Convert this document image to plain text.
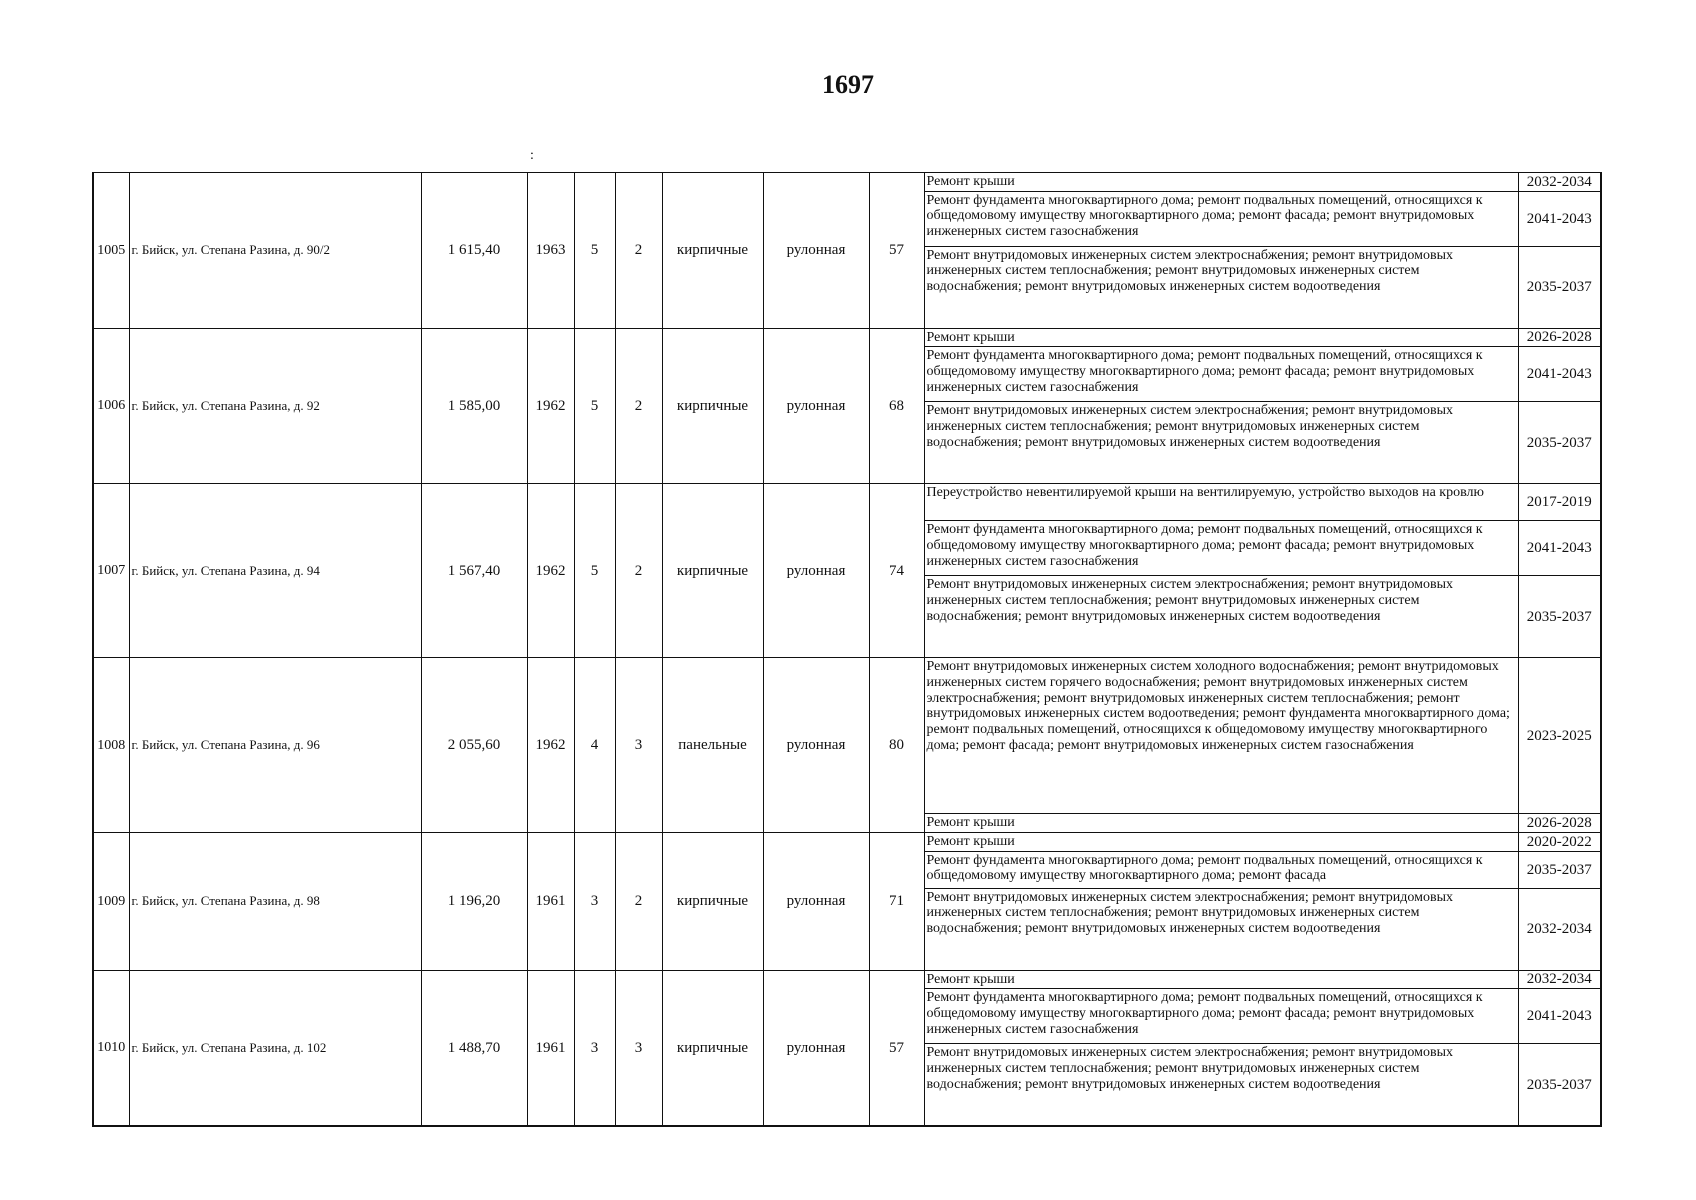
1697
:
1005	г. Бийск, ул. Степана Разина, д. 90/2	1 615,40	1963	5	2	кирпичные	рулонная	57	Ремонт крыши	2032-2034
									Ремонт фундамента многоквартирного дома; ремонт подвальных помещений, относящихся к общедомовому имуществу многоквартирного дома; ремонт фасада; ремонт внутридомовых инженерных систем газоснабжения	2041-2043
									Ремонт внутридомовых инженерных систем электроснабжения; ремонт внутридомовых инженерных систем теплоснабжения; ремонт внутридомовых инженерных систем водоснабжения; ремонт внутридомовых инженерных систем водоотведения	2035-2037
1006	г. Бийск, ул. Степана Разина, д. 92	1 585,00	1962	5	2	кирпичные	рулонная	68	Ремонт крыши	2026-2028
									Ремонт фундамента многоквартирного дома; ремонт подвальных помещений, относящихся к общедомовому имуществу многоквартирного дома; ремонт фасада; ремонт внутридомовых инженерных систем газоснабжения	2041-2043
									Ремонт внутридомовых инженерных систем электроснабжения; ремонт внутридомовых инженерных систем теплоснабжения; ремонт внутридомовых инженерных систем водоснабжения; ремонт внутридомовых инженерных систем водоотведения	2035-2037
1007	г. Бийск, ул. Степана Разина, д. 94	1 567,40	1962	5	2	кирпичные	рулонная	74	Переустройство невентилируемой крыши на вентилируемую, устройство выходов на кровлю	2017-2019
									Ремонт фундамента многоквартирного дома; ремонт подвальных помещений, относящихся к общедомовому имуществу многоквартирного дома; ремонт фасада; ремонт внутридомовых инженерных систем газоснабжения	2041-2043
									Ремонт внутридомовых инженерных систем электроснабжения; ремонт внутридомовых инженерных систем теплоснабжения; ремонт внутридомовых инженерных систем водоснабжения; ремонт внутридомовых инженерных систем водоотведения	2035-2037
1008	г. Бийск, ул. Степана Разина, д. 96	2 055,60	1962	4	3	панельные	рулонная	80	Ремонт внутридомовых инженерных систем холодного водоснабжения; ремонт внутридомовых инженерных систем горячего водоснабжения; ремонт внутридомовых инженерных систем электроснабжения; ремонт внутридомовых инженерных систем теплоснабжения; ремонт внутридомовых инженерных систем водоотведения; ремонт фундамента многоквартирного дома; ремонт подвальных помещений, относящихся к общедомовому имуществу многоквартирного дома; ремонт фасада; ремонт внутридомовых инженерных систем газоснабжения	2023-2025
									Ремонт крыши	2026-2028
1009	г. Бийск, ул. Степана Разина, д. 98	1 196,20	1961	3	2	кирпичные	рулонная	71	Ремонт крыши	2020-2022
									Ремонт фундамента многоквартирного дома; ремонт подвальных помещений, относящихся к общедомовому имуществу многоквартирного дома; ремонт фасада	2035-2037
									Ремонт внутридомовых инженерных систем электроснабжения; ремонт внутридомовых инженерных систем теплоснабжения; ремонт внутридомовых инженерных систем водоснабжения; ремонт внутридомовых инженерных систем водоотведения	2032-2034
1010	г. Бийск, ул. Степана Разина, д. 102	1 488,70	1961	3	3	кирпичные	рулонная	57	Ремонт крыши	2032-2034
									Ремонт фундамента многоквартирного дома; ремонт подвальных помещений, относящихся к общедомовому имуществу многоквартирного дома; ремонт фасада; ремонт внутридомовых инженерных систем газоснабжения	2041-2043
									Ремонт внутридомовых инженерных систем электроснабжения; ремонт внутридомовых инженерных систем теплоснабжения; ремонт внутридомовых инженерных систем водоснабжения; ремонт внутридомовых инженерных систем водоотведения	2035-2037
